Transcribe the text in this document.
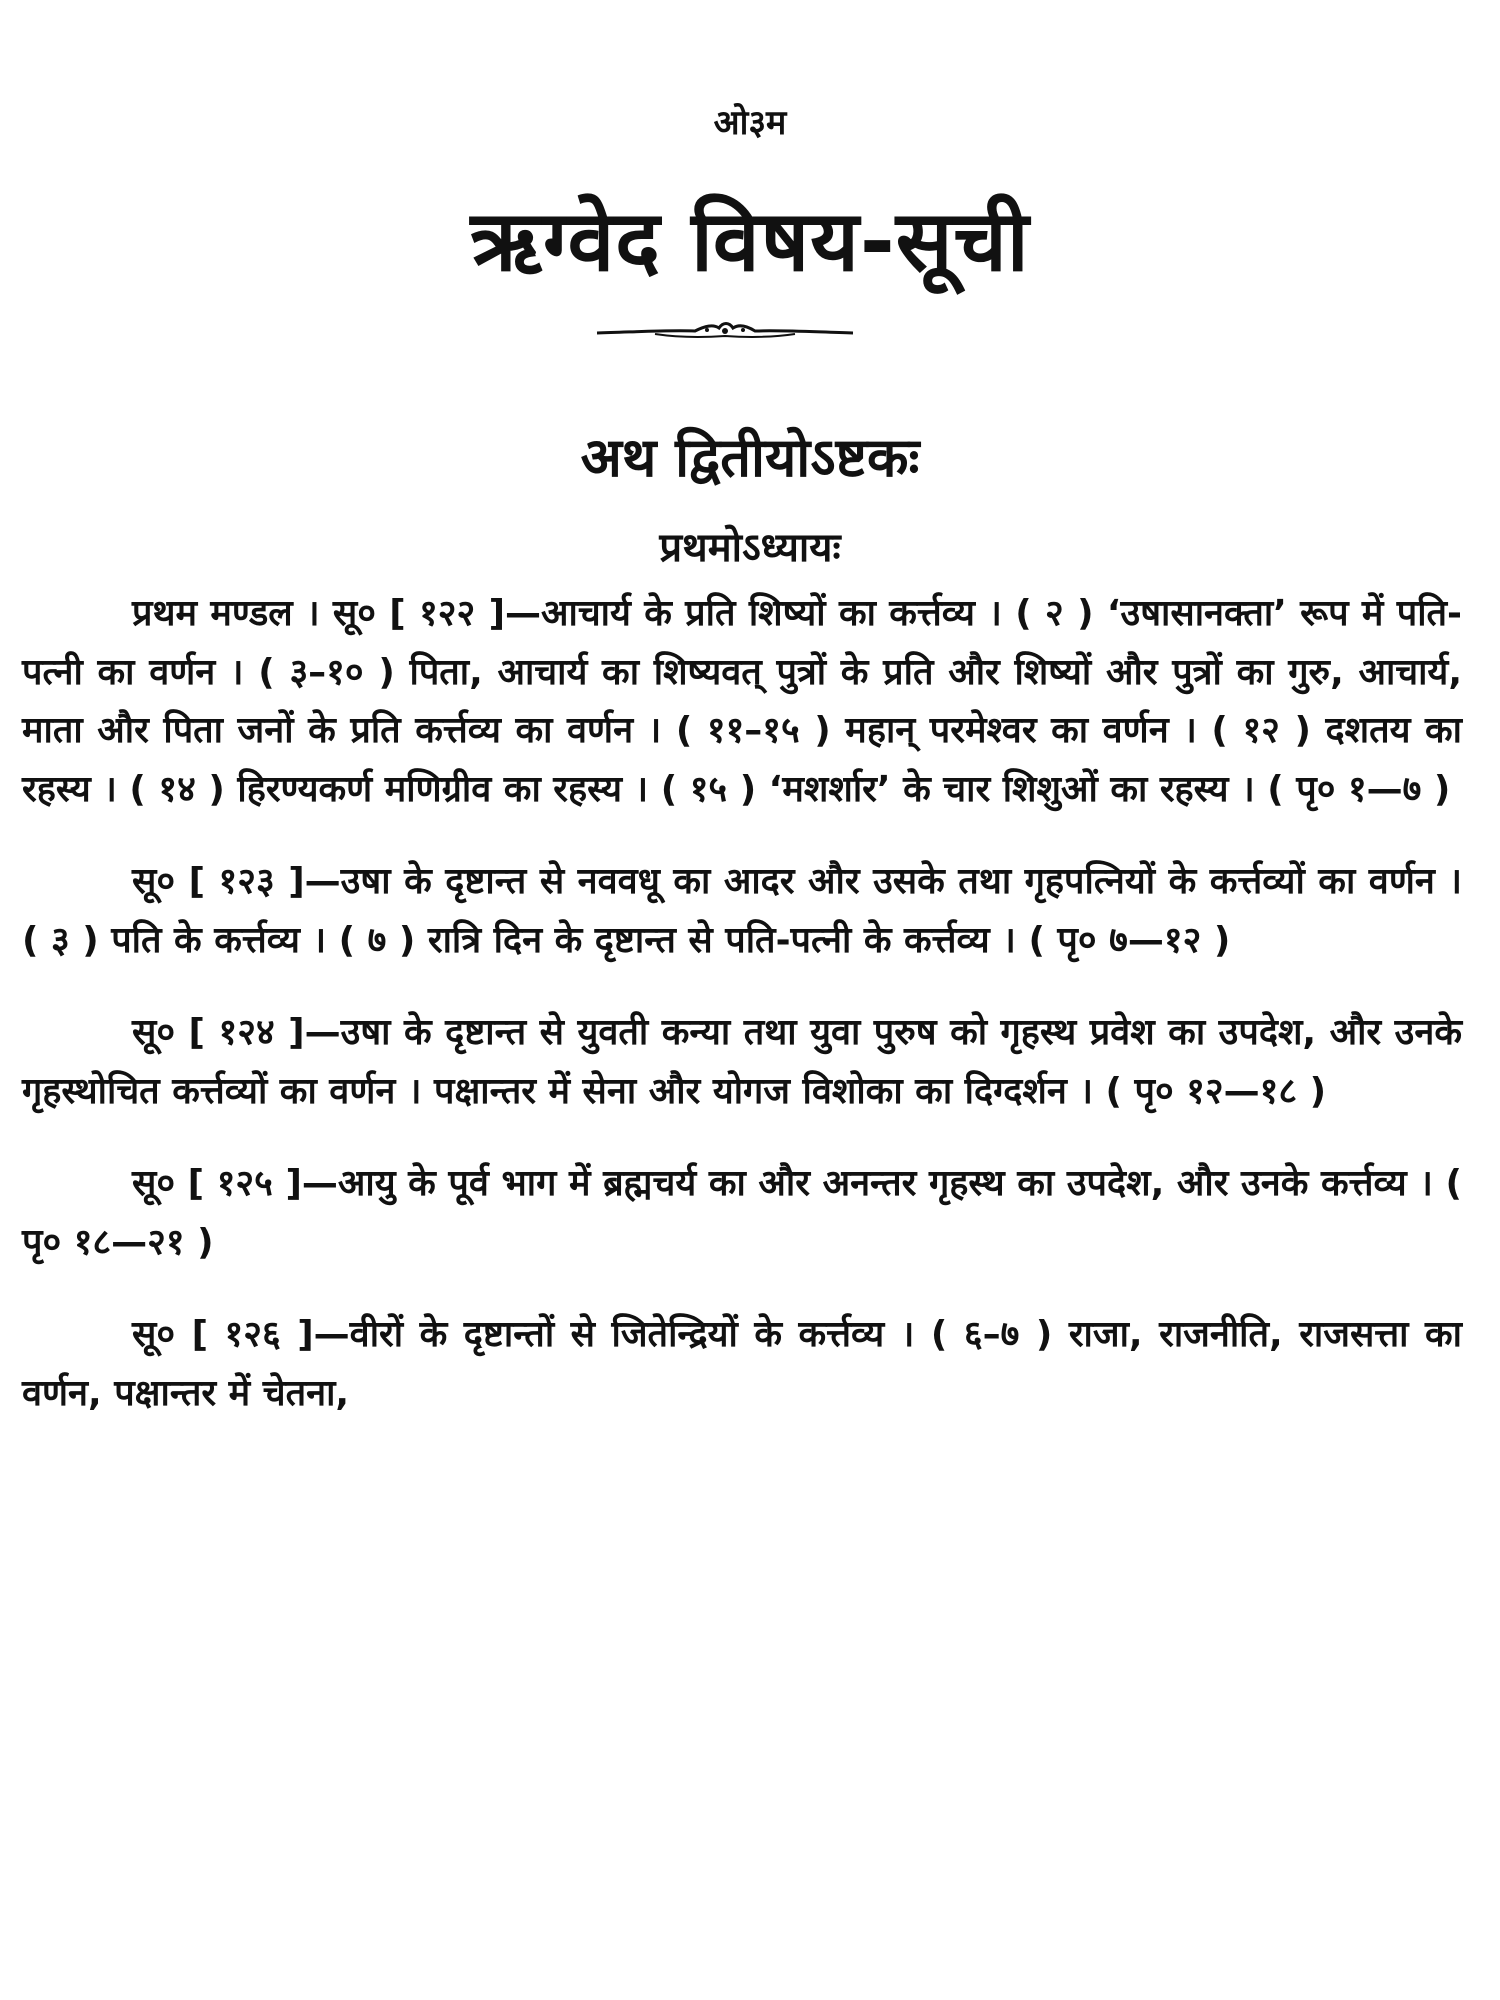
ओ३म
ऋग्वेद विषय-सूची
अथ द्वितीयोऽष्टकः
प्रथमोऽध्यायः

प्रथम मण्डल । सू० [ १२२ ]—आचार्य के प्रति शिष्यों का कर्त्तव्य । ( २ ) ‘उषासानक्ता’ रूप में पति-पत्नी का वर्णन । ( ३–१० ) पिता, आचार्य का शिष्यवत् पुत्रों के प्रति और शिष्यों और पुत्रों का गुरु, आचार्य, माता और पिता जनों के प्रति कर्त्तव्य का वर्णन । ( ११–१५ ) महान् परमेश्वर का वर्णन । ( १२ ) दशतय का रहस्य । ( १४ ) हिरण्यकर्ण मणिग्रीव का रहस्य । ( १५ ) ‘मशर्शार’ के चार शिशुओं का रहस्य । ( पृ० १—७ )

सू० [ १२३ ]—उषा के दृष्टान्त से नववधू का आदर और उसके तथा गृहपत्नियों के कर्त्तव्यों का वर्णन । ( ३ ) पति के कर्त्तव्य । ( ७ ) रात्रि दिन के दृष्टान्त से पति-पत्नी के कर्त्तव्य । ( पृ० ७—१२ )

सू० [ १२४ ]—उषा के दृष्टान्त से युवती कन्या तथा युवा पुरुष को गृहस्थ प्रवेश का उपदेश, और उनके गृहस्थोचित कर्त्तव्यों का वर्णन । पक्षान्तर में सेना और योगज विशोका का दिग्दर्शन । ( पृ० १२—१८ )

सू० [ १२५ ]—आयु के पूर्व भाग में ब्रह्मचर्य का और अनन्तर गृहस्थ का उपदेश, और उनके कर्त्तव्य । ( पृ० १८—२१ )

सू० [ १२६ ]—वीरों के दृष्टान्तों से जितेन्द्रियों के कर्त्तव्य । ( ६–७ ) राजा, राजनीति, राजसत्ता का वर्णन, पक्षान्तर में चेतना,
